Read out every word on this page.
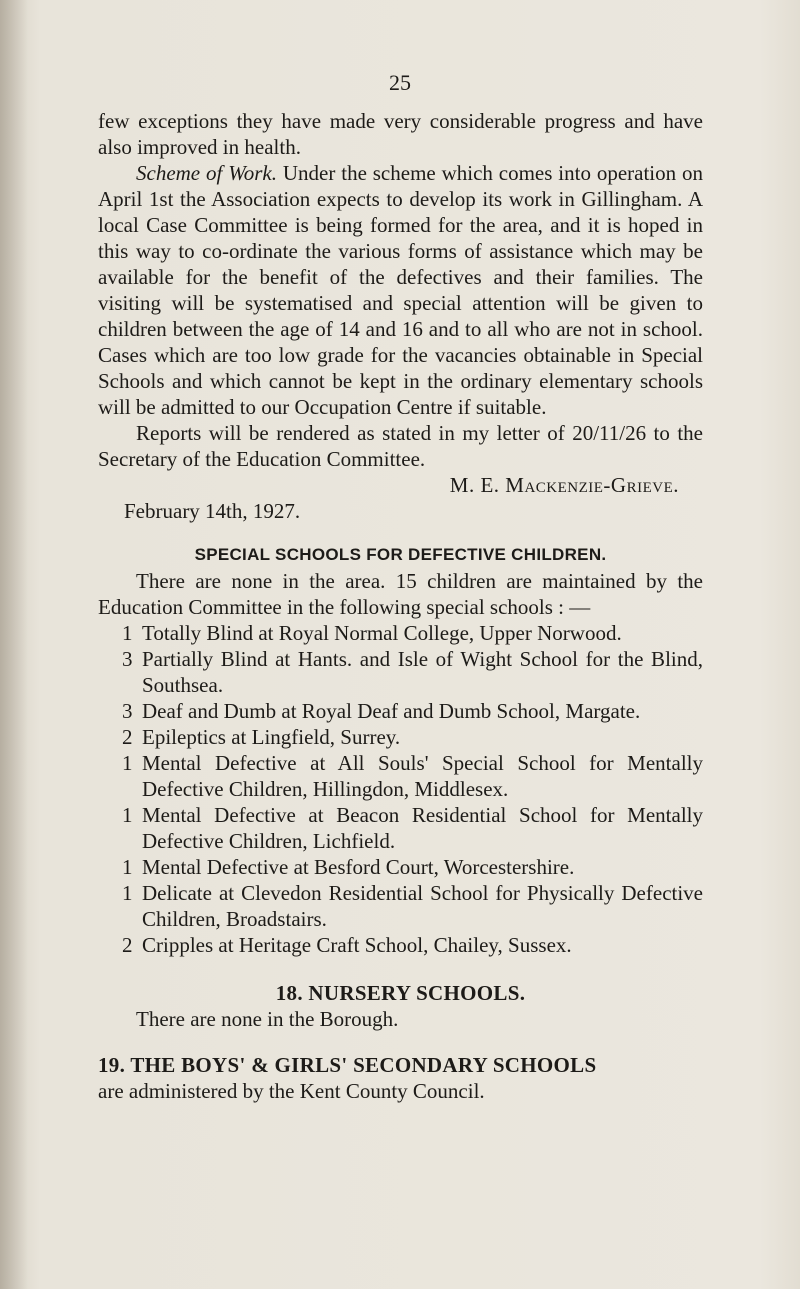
25

few exceptions they have made very considerable progress and have also improved in health.

Scheme of Work. Under the scheme which comes into operation on April 1st the Association expects to develop its work in Gillingham. A local Case Committee is being formed for the area, and it is hoped in this way to co-ordinate the various forms of assistance which may be available for the benefit of the defectives and their families. The visiting will be systematised and special attention will be given to children between the age of 14 and 16 and to all who are not in school. Cases which are too low grade for the vacancies obtainable in Special Schools and which cannot be kept in the ordinary elementary schools will be admitted to our Occupation Centre if suitable.

Reports will be rendered as stated in my letter of 20/11/26 to the Secretary of the Education Committee.

M. E. Mackenzie-Grieve.

February 14th, 1927.

SPECIAL SCHOOLS FOR DEFECTIVE CHILDREN.

There are none in the area. 15 children are maintained by the Education Committee in the following special schools : —

1 Totally Blind at Royal Normal College, Upper Norwood.
3 Partially Blind at Hants. and Isle of Wight School for the Blind, Southsea.
3 Deaf and Dumb at Royal Deaf and Dumb School, Margate.
2 Epileptics at Lingfield, Surrey.
1 Mental Defective at All Souls' Special School for Mentally Defective Children, Hillingdon, Middlesex.
1 Mental Defective at Beacon Residential School for Mentally Defective Children, Lichfield.
1 Mental Defective at Besford Court, Worcestershire.
1 Delicate at Clevedon Residential School for Physically Defective Children, Broadstairs.
2 Cripples at Heritage Craft School, Chailey, Sussex.
18. NURSERY SCHOOLS.

There are none in the Borough.

19. THE BOYS' & GIRLS' SECONDARY SCHOOLS

are administered by the Kent County Council.
